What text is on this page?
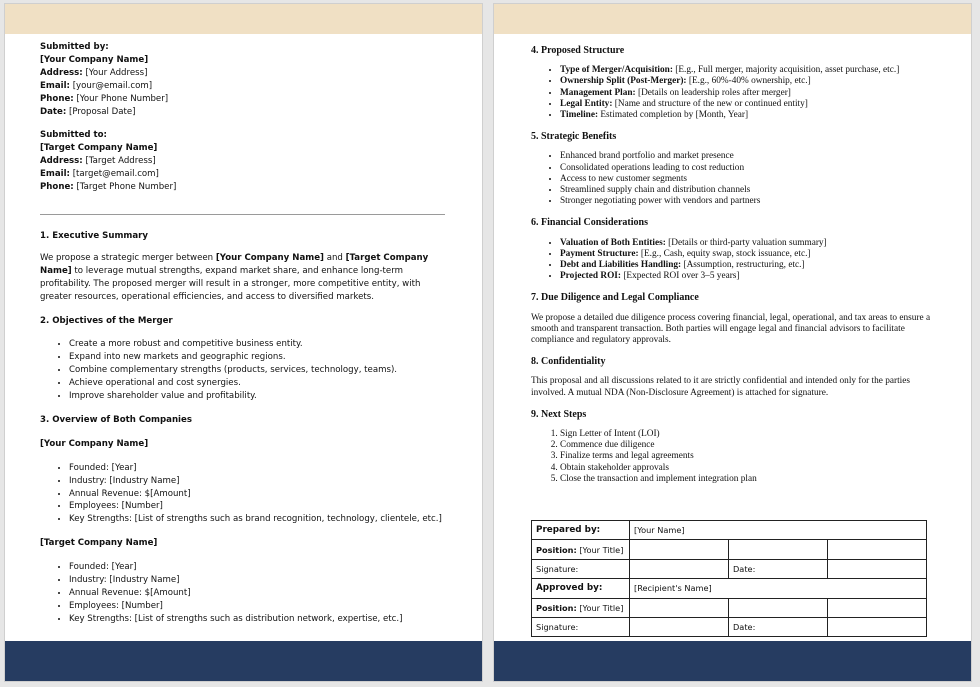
Submitted by:

[Your Company Name]

Address: [Your Address]

Email: [your@email.com]

Phone: [Your Phone Number]

Date: [Proposal Date]

Submitted to:

[Target Company Name]

Address: [Target Address]

Email: [target@email.com]

Phone: [Target Phone Number]

1. Executive Summary

We propose a strategic merger between [Your Company Name] and [Target Company Name] to leverage mutual strengths, expand market share, and enhance long-term profitability. The proposed merger will result in a stronger, more competitive entity, with greater resources, operational efficiencies, and access to diversified markets.

2. Objectives of the Merger
• Create a more robust and competitive business entity.
• Expand into new markets and geographic regions.
• Combine complementary strengths (products, services, technology, teams).
• Achieve operational and cost synergies.
• Improve shareholder value and profitability.
3. Overview of Both Companies

[Your Company Name]

• Founded: [Year]
• Industry: [Industry Name]
• Annual Revenue: $[Amount]
• Employees: [Number]
• Key Strengths: [List of strengths such as brand recognition, technology, clientele, etc.]

[Target Company Name]

• Founded: [Year]
• Industry: [Industry Name]
• Annual Revenue: $[Amount]
• Employees: [Number]
• Key Strengths: [List of strengths such as distribution network, expertise, etc.]
4. Proposed Structure
• Type of Merger/Acquisition: [E.g., Full merger, majority acquisition, asset purchase, etc.]
• Ownership Split (Post-Merger): [E.g., 60%-40% ownership, etc.]
• Management Plan: [Details on leadership roles after merger]
• Legal Entity: [Name and structure of the new or continued entity]
• Timeline: Estimated completion by [Month, Year]
5. Strategic Benefits
• Enhanced brand portfolio and market presence
• Consolidated operations leading to cost reduction
• Access to new customer segments
• Streamlined supply chain and distribution channels
• Stronger negotiating power with vendors and partners
6. Financial Considerations
• Valuation of Both Entities: [Details or third-party valuation summary]
• Payment Structure: [E.g., Cash, equity swap, stock issuance, etc.]
• Debt and Liabilities Handling: [Assumption, restructuring, etc.]
• Projected ROI: [Expected ROI over 3–5 years]
7. Due Diligence and Legal Compliance

We propose a detailed due diligence process covering financial, legal, operational, and tax areas to ensure a smooth and transparent transaction. Both parties will engage legal and financial advisors to facilitate compliance and regulatory approvals.

8. Confidentiality

This proposal and all discussions related to it are strictly confidential and intended only for the parties involved. A mutual NDA (Non-Disclosure Agreement) is attached for signature.

9. Next Steps
1. Sign Letter of Intent (LOI)
2. Commence due diligence
3. Finalize terms and legal agreements
4. Obtain stakeholder approvals
5. Close the transaction and implement integration plan
Prepared by:	[Your Name]		
Position: [Your Title]			
Signature:		Date:	
Approved by:	[Recipient's Name]		
Position: [Your Title]			
Signature:		Date:	
